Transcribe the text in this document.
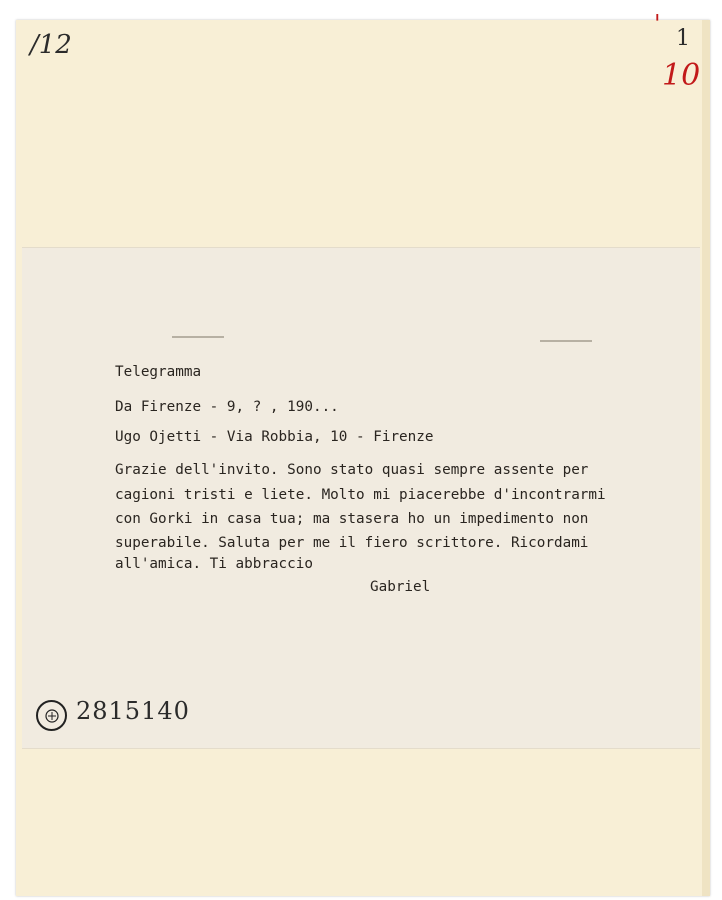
/12
'
1
10
Telegramma
Da Firenze - 9, ? , 190...
Ugo Ojetti - Via Robbia, 10 - Firenze
Grazie dell'invito. Sono stato quasi sempre assente per
cagioni tristi e liete. Molto mi piacerebbe d'incontrarmi
con Gorki in casa tua; ma stasera ho un impedimento non
superabile. Saluta per me il fiero scrittore. Ricordami
all'amica. Ti abbraccio
Gabriel
2815140
